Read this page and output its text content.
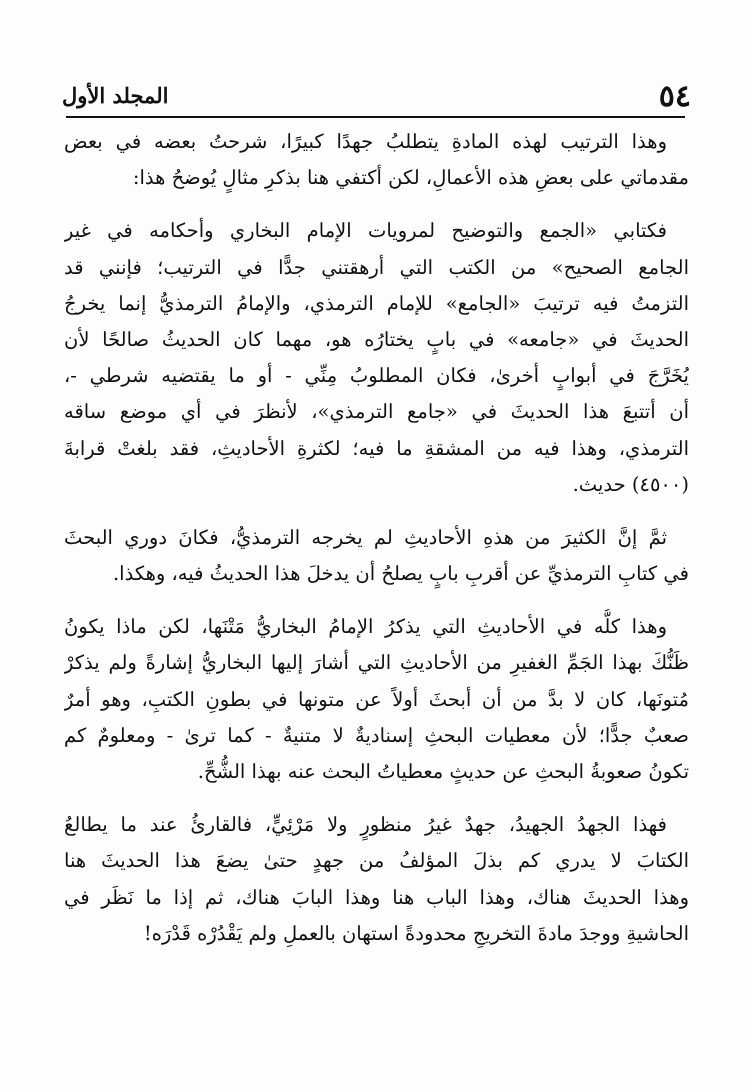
٥٤
المجلد الأول
وهذا الترتيب لهذه المادةِ يتطلبُ جهدًا كبيرًا، شرحتُ بعضه في بعض
مقدماتي على بعضِ هذه الأعمالِ، لكن أكتفي هنا بذكرِ مثالٍ يُوضحُ هذا:
فكتابي «الجمع والتوضيح لمرويات الإمام البخاري وأحكامه في غير
الجامع الصحيح» من الكتب التي أرهقتني جدًّا في الترتيب؛ فإنني قد
التزمتُ فيه ترتيبَ «الجامع» للإمام الترمذي، والإمامُ الترمذيُّ إنما يخرجُ
الحديثَ في «جامعه» في بابٍ يختارُه هو، مهما كان الحديثُ صالحًا لأن
يُخَرَّجَ في أبوابٍ أخرىٰ، فكان المطلوبُ مِنِّي - أو ما يقتضيه شرطي -،
أن أتتبعَ هذا الحديثَ في «جامع الترمذي»، لأنظرَ في أي موضع ساقه
الترمذي، وهذا فيه من المشقةِ ما فيه؛ لكثرةِ الأحاديثِ، فقد بلغتْ قرابةَ
(٤٥٠٠) حديث.
ثمَّ إنَّ الكثيرَ من هذهِ الأحاديثِ لم يخرجه الترمذيُّ، فكانَ دوري البحثَ
في كتابِ الترمذيِّ عن أقربِ بابٍ يصلحُ أن يدخلَ هذا الحديثُ فيه، وهكذا.
وهذا كلُّه في الأحاديثِ التي يذكرُ الإمامُ البخاريُّ مَتْنَها، لكن ماذا يكونُ
ظَنُّكَ بهذا الجَمِّ الغفيرِ من الأحاديثِ التي أشارَ إليها البخاريُّ إشارةً ولم يذكرْ
مُتونَها، كان لا بدَّ من أن أبحثَ أولاً عن متونها في بطونِ الكتبِ، وهو أمرٌ
صعبٌ جدًّا؛ لأن معطيات البحثِ إسناديةٌ لا متنيةٌ - كما ترىٰ - ومعلومٌ كم
تكونُ صعوبةُ البحثِ عن حديثٍ معطياتُ البحث عنه بهذا الشُّحِّ.
فهذا الجهدُ الجهيدُ، جهدٌ غيرُ منظورٍ ولا مَرْئِيٍّ، فالقارئُ عند ما يطالعُ
الكتابَ لا يدري كم بذلَ المؤلفُ من جهدٍ حتىٰ يضعَ هذا الحديثَ هنا
وهذا الحديثَ هناك، وهذا الباب هنا وهذا البابَ هناك، ثم إذا ما نَظَر في
الحاشيةِ ووجدَ مادةَ التخريجِ محدودةً استهان بالعملِ ولم يَقْدُرْه قَدْرَه!
